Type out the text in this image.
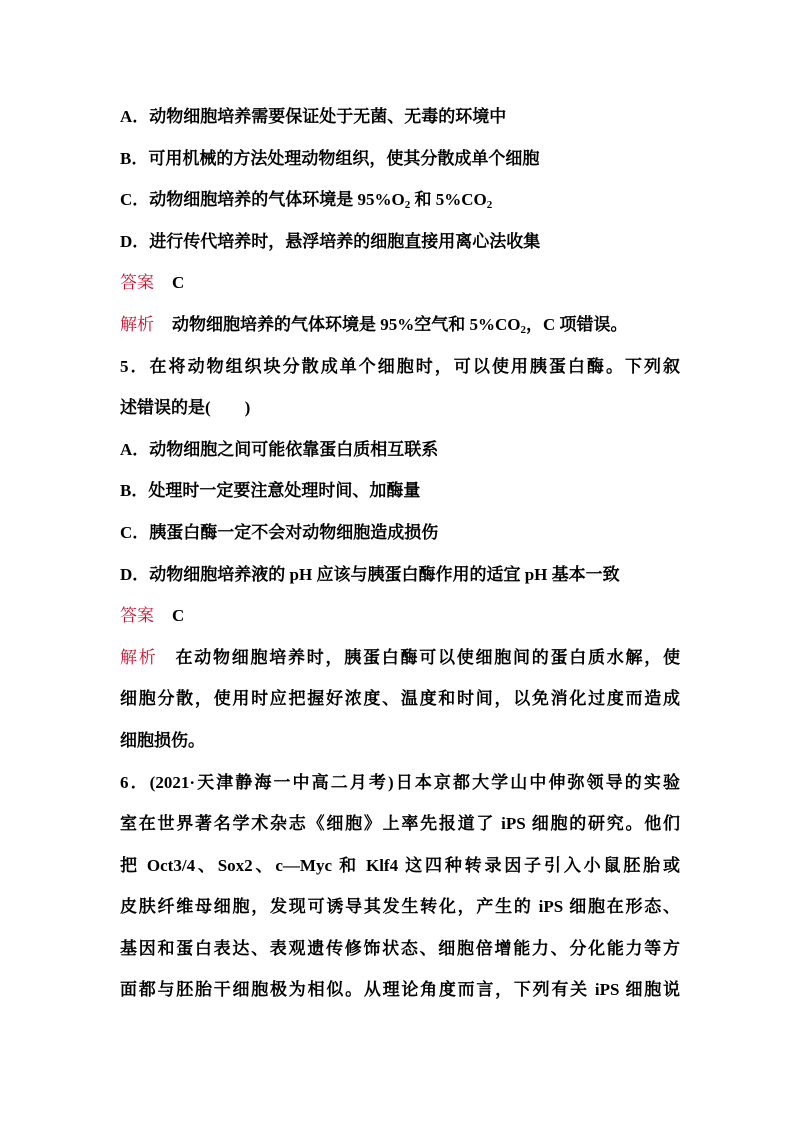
A．动物细胞培养需要保证处于无菌、无毒的环境中
B．可用机械的方法处理动物组织，使其分散成单个细胞
C．动物细胞培养的气体环境是 $95\%O_2$ 和 $5\%CO_2$
D．进行传代培养时，悬浮培养的细胞直接用离心法收集
答案 C
解析 动物细胞培养的气体环境是 95%空气和 $5\%CO_2$，C 项错误。
5．在将动物组织块分散成单个细胞时，可以使用胰蛋白酶。下列叙
述错误的是(　　)
A．动物细胞之间可能依靠蛋白质相互联系
B．处理时一定要注意处理时间、加酶量
C．胰蛋白酶一定不会对动物细胞造成损伤
D．动物细胞培养液的 pH 应该与胰蛋白酶作用的适宜 pH 基本一致
答案 C
解析 在动物细胞培养时，胰蛋白酶可以使细胞间的蛋白质水解，使
细胞分散，使用时应把握好浓度、温度和时间，以免消化过度而造成
细胞损伤。
6．(2021·天津静海一中高二月考)日本京都大学山中伸弥领导的实验
室在世界著名学术杂志《细胞》上率先报道了 iPS 细胞的研究。他们
把 Oct3/4、Sox2、c—Myc 和 Klf4 这四种转录因子引入小鼠胚胎或
皮肤纤维母细胞，发现可诱导其发生转化，产生的 iPS 细胞在形态、
基因和蛋白表达、表观遗传修饰状态、细胞倍增能力、分化能力等方
面都与胚胎干细胞极为相似。从理论角度而言，下列有关 iPS 细胞说
